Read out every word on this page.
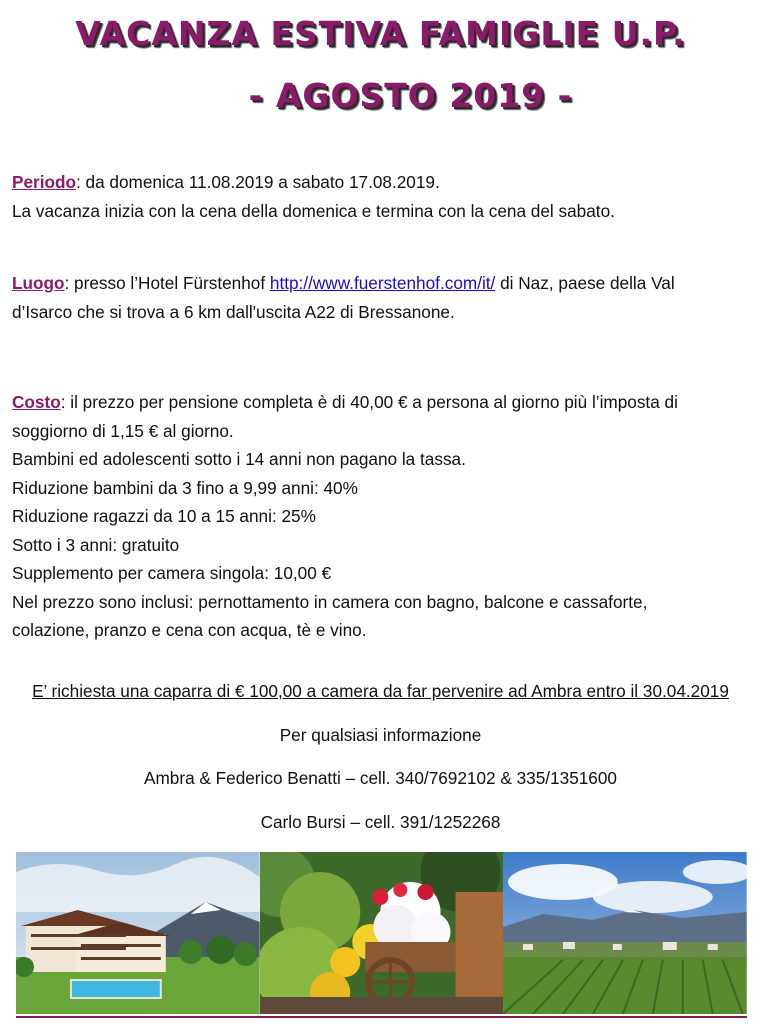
VACANZA ESTIVA FAMIGLIE U.P.
- AGOSTO 2019 -
Periodo: da domenica 11.08.2019 a sabato 17.08.2019.
La vacanza inizia con la cena della domenica e termina con la cena del sabato.
Luogo: presso l’Hotel Fürstenhof http://www.fuerstenhof.com/it/ di Naz, paese della Val
d’Isarco che si trova a 6 km dall'uscita A22 di Bressanone.
Costo: il prezzo per pensione completa è di 40,00 € a persona al giorno più l’imposta di
soggiorno di 1,15 € al giorno.
Bambini ed adolescenti sotto i 14 anni non pagano la tassa.
Riduzione bambini da 3 fino a 9,99 anni: 40%
Riduzione ragazzi da 10 a 15 anni: 25%
Sotto i 3 anni: gratuito
Supplemento per camera singola: 10,00 €
Nel prezzo sono inclusi: pernottamento in camera con bagno, balcone e cassaforte,
colazione, pranzo e cena con acqua, tè e vino.
E’ richiesta una caparra di € 100,00 a camera da far pervenire ad Ambra entro il 30.04.2019
Per qualsiasi informazione
Ambra & Federico Benatti – cell. 340/7692102 & 335/1351600
Carlo Bursi – cell. 391/1252268
